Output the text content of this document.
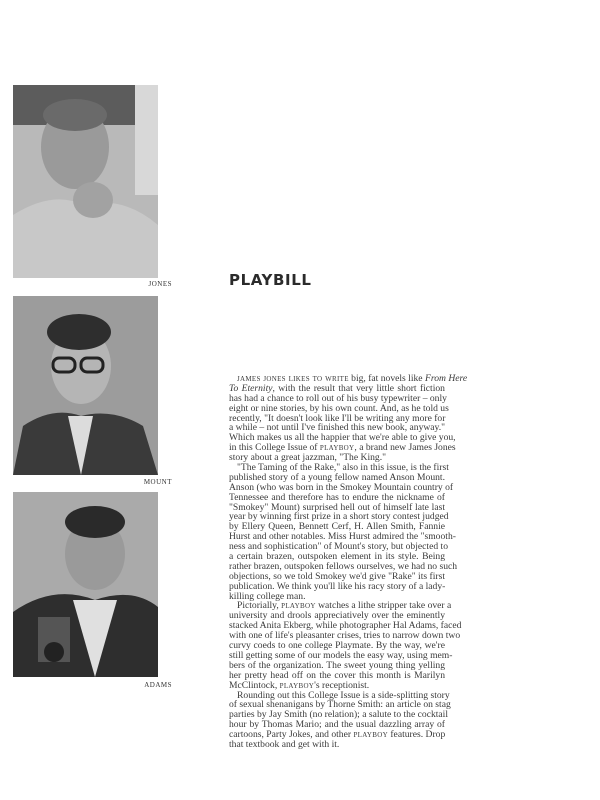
JONES
MOUNT
ADAMS
PLAYBILL
james jones likes to write big, fat novels like From Here
To Eternity, with the result that very little short fiction
has had a chance to roll out of his busy typewriter – only
eight or nine stories, by his own count. And, as he told us
recently, "It doesn't look like I'll be writing any more for
a while – not until I've finished this new book, anyway."
Which makes us all the happier that we're able to give you,
in this College Issue of playboy, a brand new James Jones
story about a great jazzman, "The King."
"The Taming of the Rake," also in this issue, is the first
published story of a young fellow named Anson Mount.
Anson (who was born in the Smokey Mountain country of
Tennessee and therefore has to endure the nickname of
"Smokey" Mount) surprised hell out of himself late last
year by winning first prize in a short story contest judged
by Ellery Queen, Bennett Cerf, H. Allen Smith, Fannie
Hurst and other notables. Miss Hurst admired the "smooth-
ness and sophistication" of Mount's story, but objected to
a certain brazen, outspoken element in its style. Being
rather brazen, outspoken fellows ourselves, we had no such
objections, so we told Smokey we'd give "Rake" its first
publication. We think you'll like his racy story of a lady-
killing college man.
Pictorially, playboy watches a lithe stripper take over a
university and drools appreciatively over the eminently
stacked Anita Ekberg, while photographer Hal Adams, faced
with one of life's pleasanter crises, tries to narrow down two
curvy coeds to one college Playmate. By the way, we're
still getting some of our models the easy way, using mem-
bers of the organization. The sweet young thing yelling
her pretty head off on the cover this month is Marilyn
McClintock, playboy's receptionist.
Rounding out this College Issue is a side-splitting story
of sexual shenanigans by Thorne Smith: an article on stag
parties by Jay Smith (no relation); a salute to the cocktail
hour by Thomas Mario; and the usual dazzling array of
cartoons, Party Jokes, and other playboy features. Drop
that textbook and get with it.
